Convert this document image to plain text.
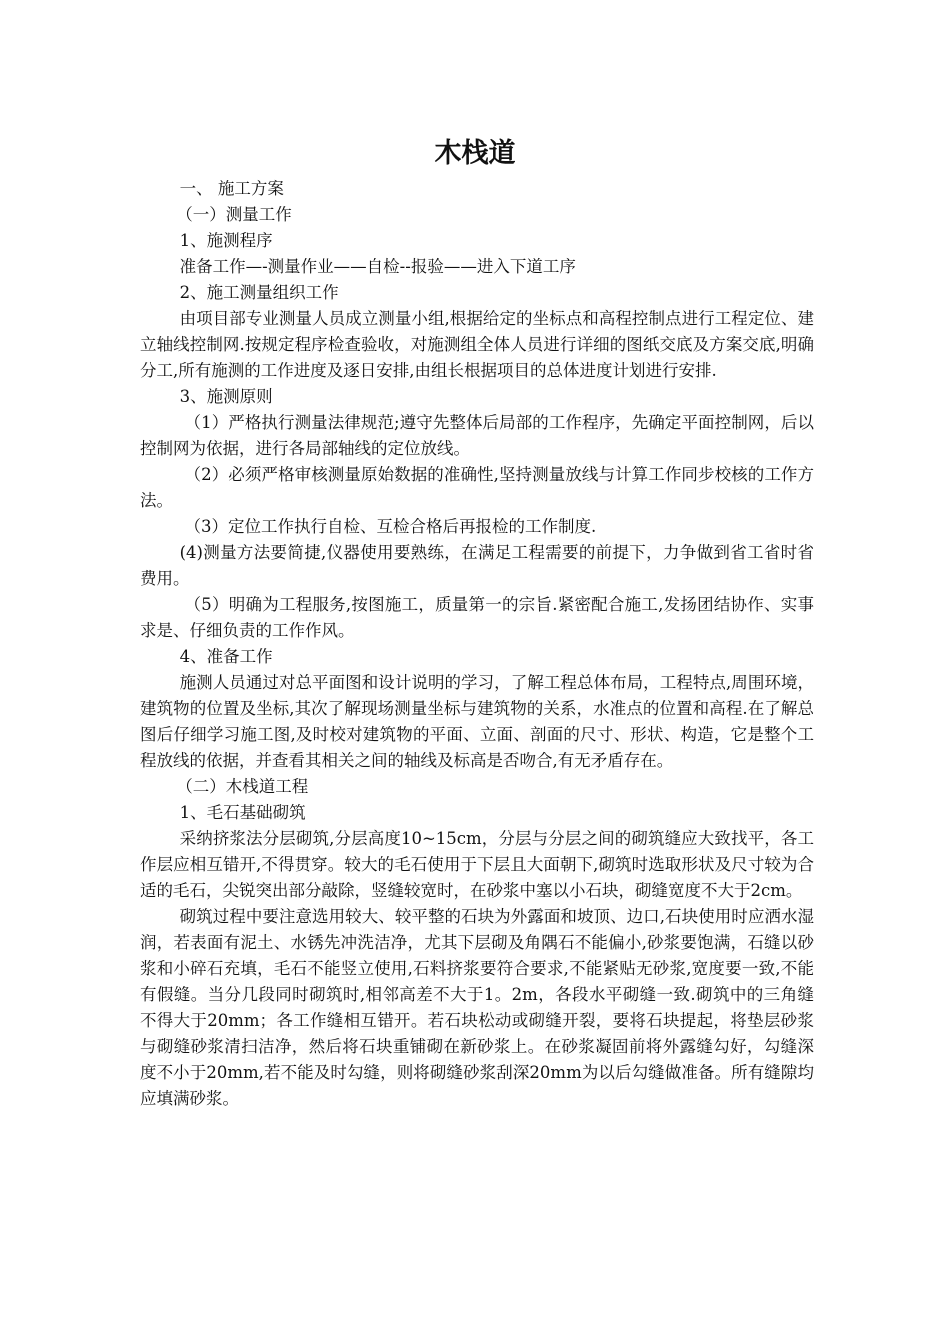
木栈道

一、 施工方案

（一）测量工作

1、施测程序

准备工作—-测量作业——自检--报验——进入下道工序

2、施工测量组织工作

由项目部专业测量人员成立测量小组,根据给定的坐标点和高程控制点进行工程定位、建立轴线控制网.按规定程序检查验收，对施测组全体人员进行详细的图纸交底及方案交底,明确分工,所有施测的工作进度及逐日安排,由组长根据项目的总体进度计划进行安排.

3、施测原则

（1）严格执行测量法律规范;遵守先整体后局部的工作程序，先确定平面控制网，后以控制网为依据，进行各局部轴线的定位放线。

（2）必须严格审核测量原始数据的准确性,坚持测量放线与计算工作同步校核的工作方法。

（3）定位工作执行自检、互检合格后再报检的工作制度.

(4)测量方法要简捷,仪器使用要熟练，在满足工程需要的前提下，力争做到省工省时省费用。

（5）明确为工程服务,按图施工，质量第一的宗旨.紧密配合施工,发扬团结协作、实事求是、仔细负责的工作作风。

4、准备工作

施测人员通过对总平面图和设计说明的学习，了解工程总体布局，工程特点,周围环境，建筑物的位置及坐标,其次了解现场测量坐标与建筑物的关系，水准点的位置和高程.在了解总图后仔细学习施工图,及时校对建筑物的平面、立面、剖面的尺寸、形状、构造，它是整个工程放线的依据，并查看其相关之间的轴线及标高是否吻合,有无矛盾存在。

（二）木栈道工程

1、毛石基础砌筑

采纳挤浆法分层砌筑,分层高度10~15cm，分层与分层之间的砌筑缝应大致找平，各工作层应相互错开,不得贯穿。较大的毛石使用于下层且大面朝下,砌筑时选取形状及尺寸较为合适的毛石，尖锐突出部分敲除，竖缝较宽时，在砂浆中塞以小石块，砌缝宽度不大于2cm。

砌筑过程中要注意选用较大、较平整的石块为外露面和坡顶、边口,石块使用时应洒水湿润，若表面有泥土、水锈先冲洗洁净，尤其下层砌及角隅石不能偏小,砂浆要饱满，石缝以砂浆和小碎石充填，毛石不能竖立使用,石料挤浆要符合要求,不能紧贴无砂浆,宽度要一致,不能有假缝。当分几段同时砌筑时,相邻高差不大于1。2m，各段水平砌缝一致.砌筑中的三角缝不得大于20mm；各工作缝相互错开。若石块松动或砌缝开裂，要将石块提起，将垫层砂浆与砌缝砂浆清扫洁净，然后将石块重铺砌在新砂浆上。在砂浆凝固前将外露缝勾好，勾缝深度不小于20mm,若不能及时勾缝，则将砌缝砂浆刮深20mm为以后勾缝做准备。所有缝隙均应填满砂浆。
